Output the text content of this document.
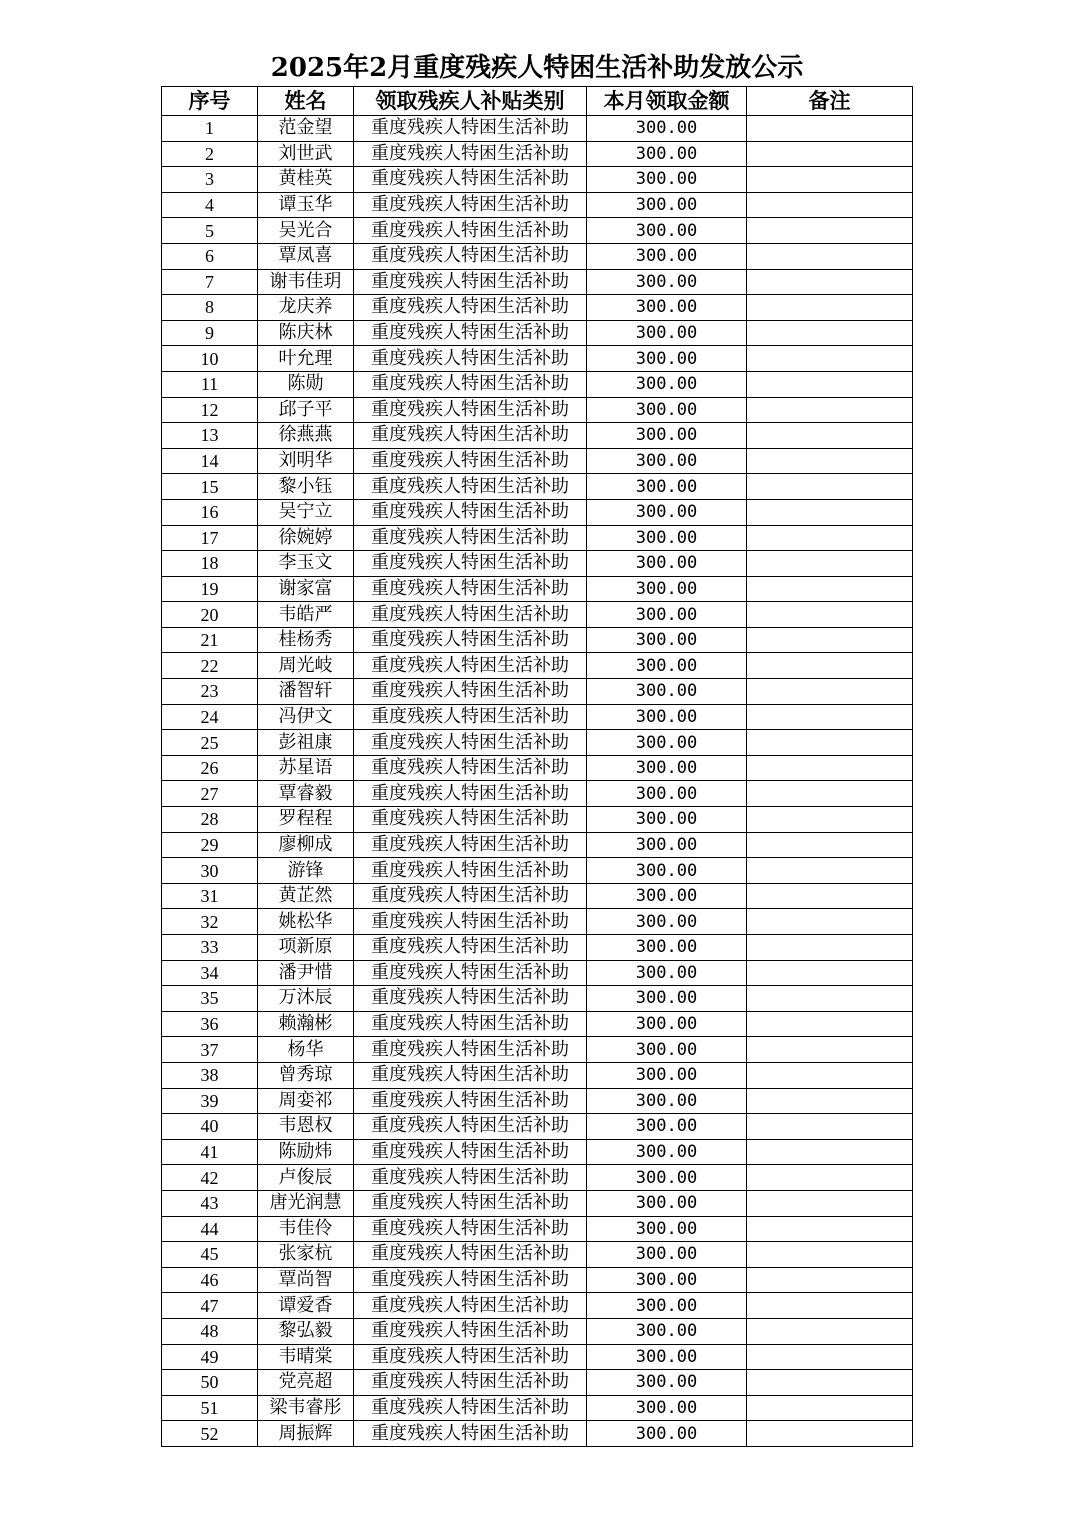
2025年2月重度残疾人特困生活补助发放公示
序号	姓名	领取残疾人补贴类别	本月领取金额	备注
1	范金望	重度残疾人特困生活补助	300.00	
2	刘世武	重度残疾人特困生活补助	300.00	
3	黄桂英	重度残疾人特困生活补助	300.00	
4	谭玉华	重度残疾人特困生活补助	300.00	
5	吴光合	重度残疾人特困生活补助	300.00	
6	覃凤喜	重度残疾人特困生活补助	300.00	
7	谢韦佳玥	重度残疾人特困生活补助	300.00	
8	龙庆养	重度残疾人特困生活补助	300.00	
9	陈庆林	重度残疾人特困生活补助	300.00	
10	叶允理	重度残疾人特困生活补助	300.00	
11	陈勋	重度残疾人特困生活补助	300.00	
12	邱子平	重度残疾人特困生活补助	300.00	
13	徐燕燕	重度残疾人特困生活补助	300.00	
14	刘明华	重度残疾人特困生活补助	300.00	
15	黎小钰	重度残疾人特困生活补助	300.00	
16	吴宁立	重度残疾人特困生活补助	300.00	
17	徐婉婷	重度残疾人特困生活补助	300.00	
18	李玉文	重度残疾人特困生活补助	300.00	
19	谢家富	重度残疾人特困生活补助	300.00	
20	韦皓严	重度残疾人特困生活补助	300.00	
21	桂杨秀	重度残疾人特困生活补助	300.00	
22	周光岐	重度残疾人特困生活补助	300.00	
23	潘智轩	重度残疾人特困生活补助	300.00	
24	冯伊文	重度残疾人特困生活补助	300.00	
25	彭祖康	重度残疾人特困生活补助	300.00	
26	苏星语	重度残疾人特困生活补助	300.00	
27	覃睿毅	重度残疾人特困生活补助	300.00	
28	罗程程	重度残疾人特困生活补助	300.00	
29	廖柳成	重度残疾人特困生活补助	300.00	
30	游锋	重度残疾人特困生活补助	300.00	
31	黄芷然	重度残疾人特困生活补助	300.00	
32	姚松华	重度残疾人特困生活补助	300.00	
33	项新原	重度残疾人特困生活补助	300.00	
34	潘尹惜	重度残疾人特困生活补助	300.00	
35	万沐辰	重度残疾人特困生活补助	300.00	
36	赖瀚彬	重度残疾人特困生活补助	300.00	
37	杨华	重度残疾人特困生活补助	300.00	
38	曾秀琼	重度残疾人特困生活补助	300.00	
39	周娈祁	重度残疾人特困生活补助	300.00	
40	韦恩权	重度残疾人特困生活补助	300.00	
41	陈励炜	重度残疾人特困生活补助	300.00	
42	卢俊辰	重度残疾人特困生活补助	300.00	
43	唐光润慧	重度残疾人特困生活补助	300.00	
44	韦佳伶	重度残疾人特困生活补助	300.00	
45	张家杭	重度残疾人特困生活补助	300.00	
46	覃尚智	重度残疾人特困生活补助	300.00	
47	谭爱香	重度残疾人特困生活补助	300.00	
48	黎弘毅	重度残疾人特困生活补助	300.00	
49	韦晴棠	重度残疾人特困生活补助	300.00	
50	党亮超	重度残疾人特困生活补助	300.00	
51	梁韦睿彤	重度残疾人特困生活补助	300.00	
52	周振辉	重度残疾人特困生活补助	300.00	
